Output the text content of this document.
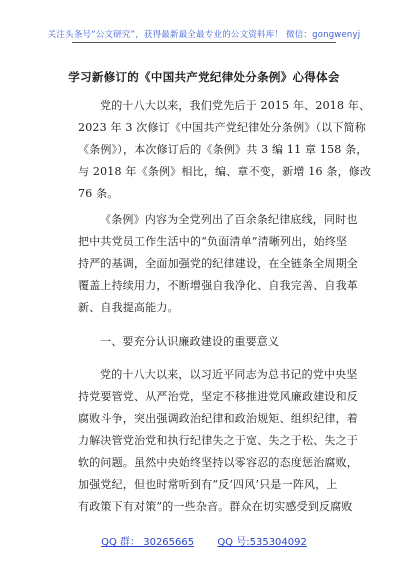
关注头条号“公文研究”，获得最新最全最专业的公文资料库！ 微信：gongwenyj
学习新修订的《中国共产党纪律处分条例》心得体会
党的十八大以来，我们党先后于 2015 年、2018 年、
2023 年 3 次修订《中国共产党纪律处分条例》（以下简称
《条例》），本次修订后的《条例》共 3 编 11 章 158 条，
与 2018 年《条例》相比，编、章不变，新增 16 条，修改
76 条。
《条例》内容为全党列出了百余条纪律底线，同时也
把中共党员工作生活中的“负面清单”清晰列出，始终坚
持严的基调，全面加强党的纪律建设，在全链条全周期全
覆盖上持续用力，不断增强自我净化、自我完善、自我革
新、自我提高能力。
一、要充分认识廉政建设的重要意义
党的十八大以来，以习近平同志为总书记的党中央坚
持党要管党、从严治党，坚定不移推进党风廉政建设和反
腐败斗争，突出强调政治纪律和政治规矩、组织纪律，着
力解决管党治党和执行纪律失之于宽、失之于松、失之于
软的问题。虽然中央始终坚持以零容忍的态度惩治腐败，
加强党纪，但也时常听到有“反‘四风’只是一阵风，上
有政策下有对策”的一些杂音。群众在切实感受到反腐败
QQ 群： 30265665 QQ 号:535304092
